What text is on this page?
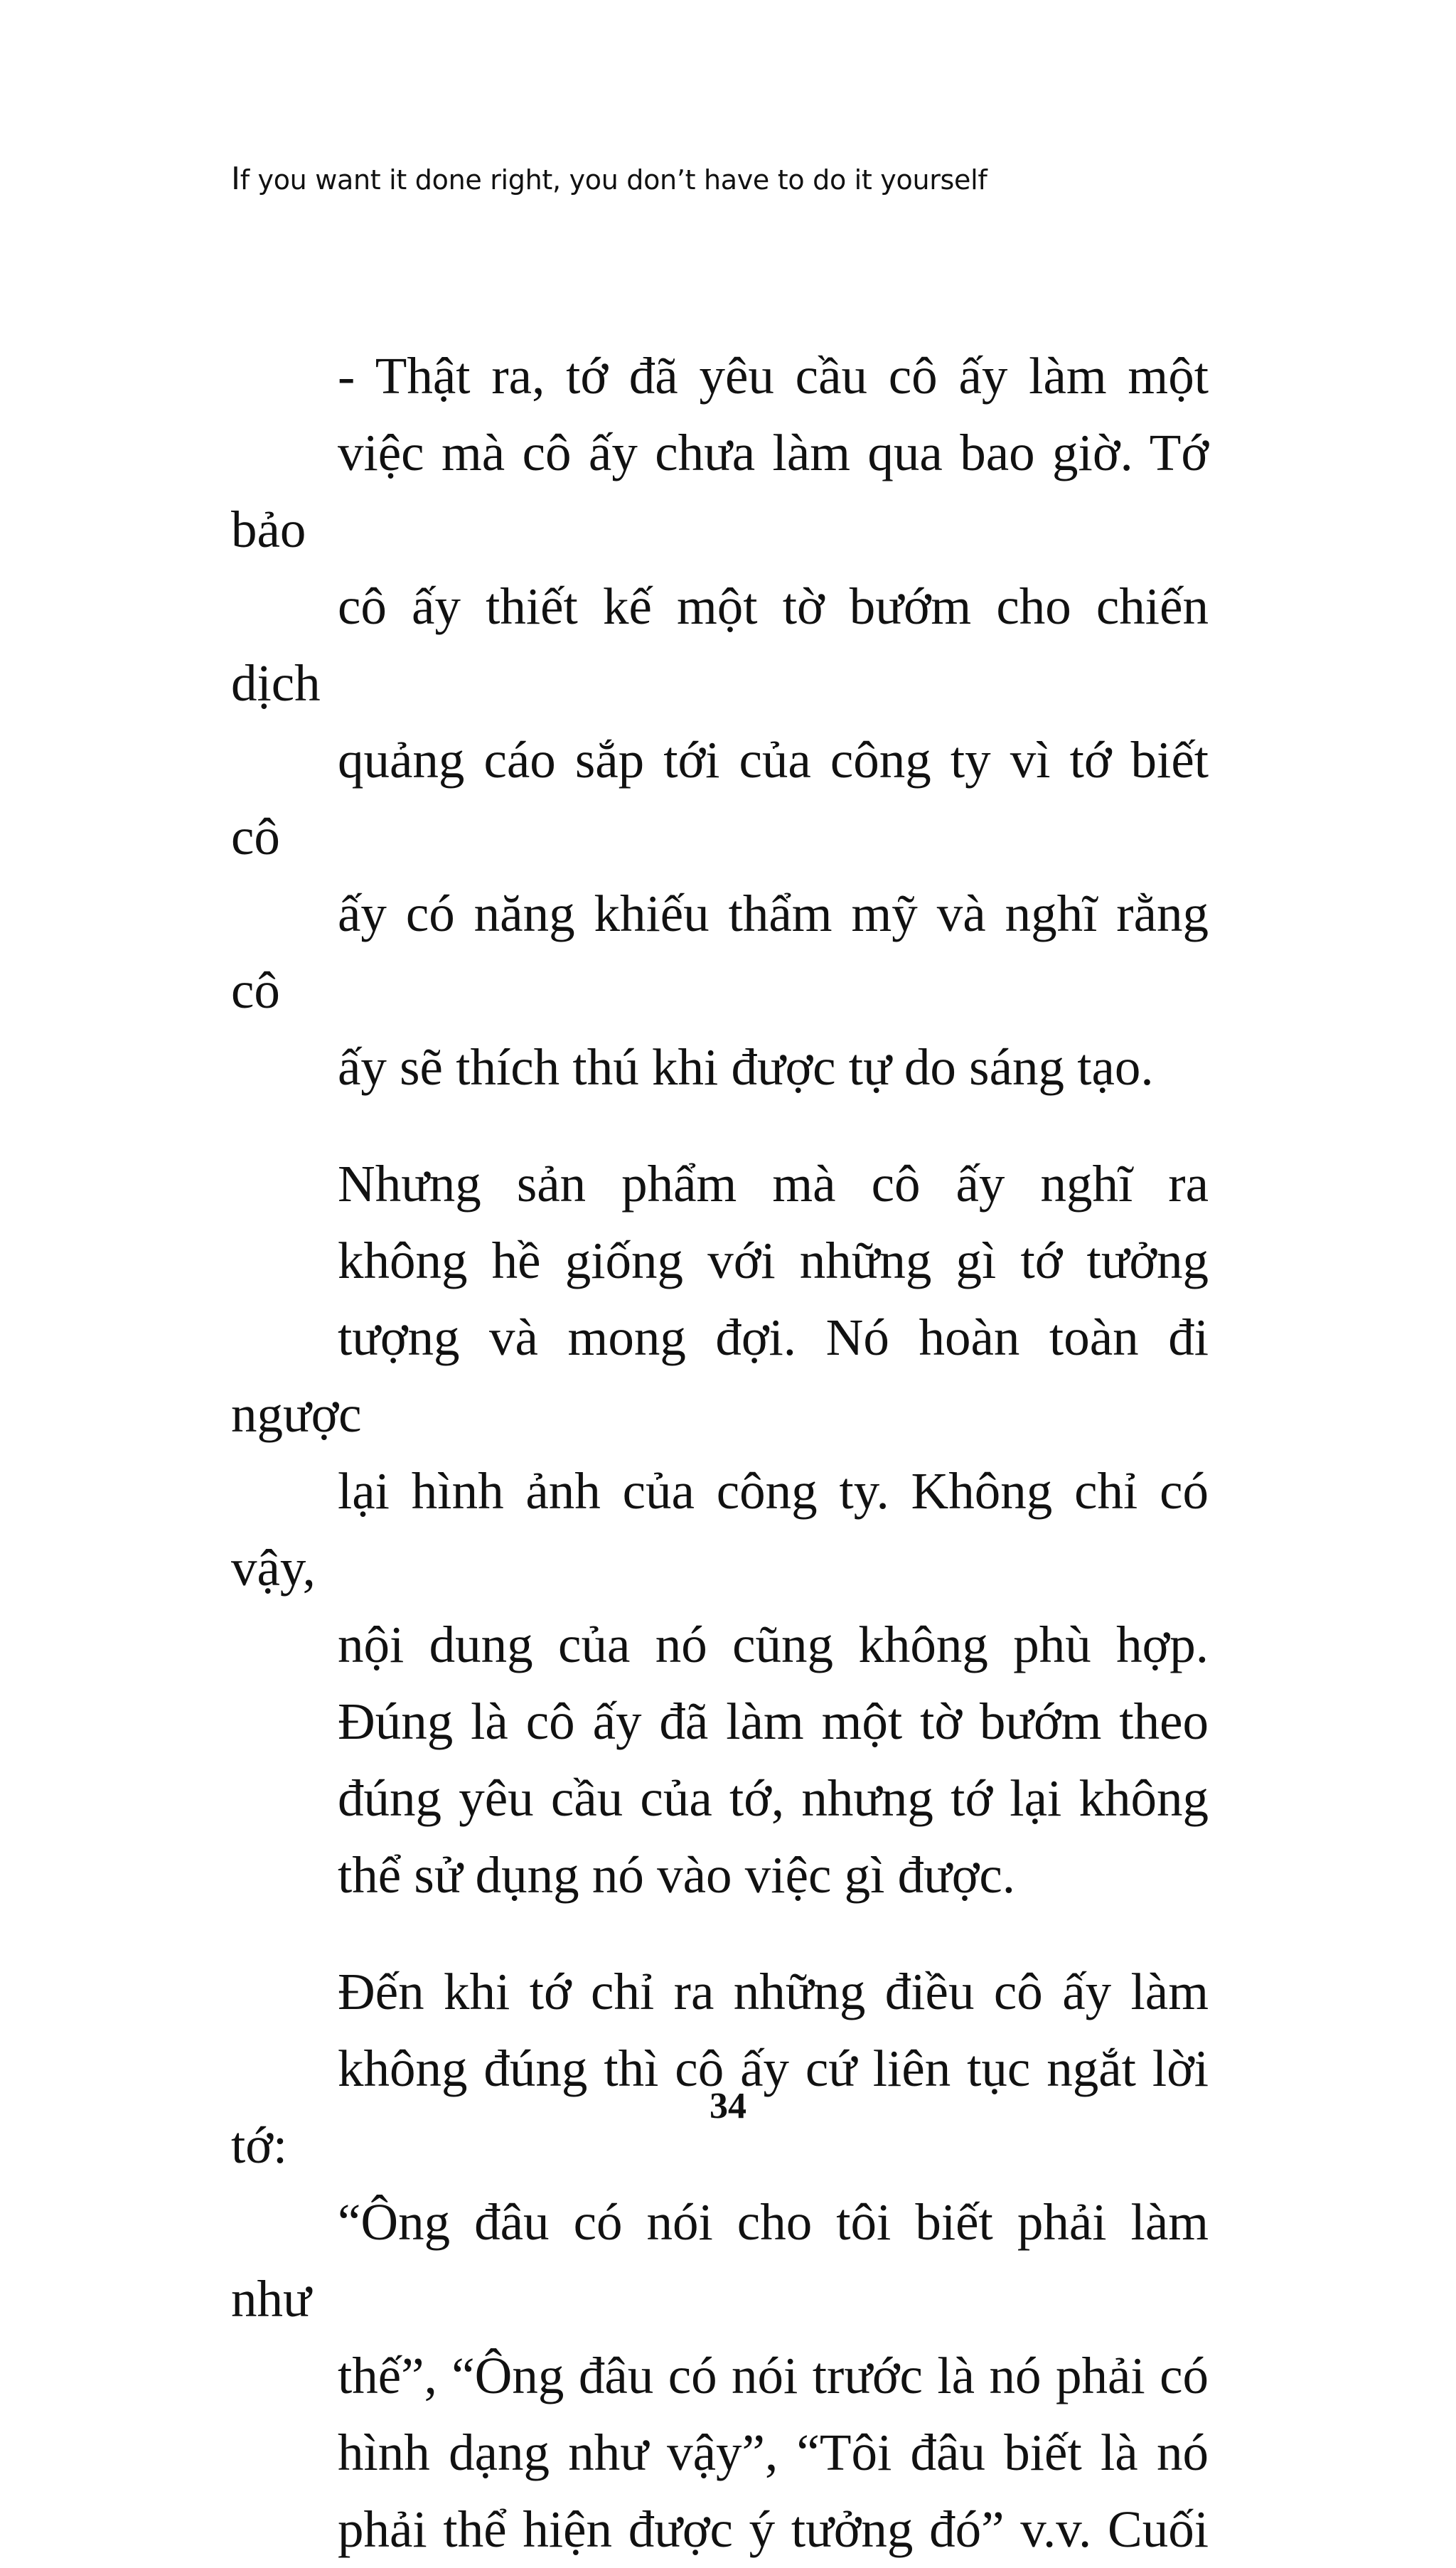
If you want it done right, you don’t have to do it yourself

- Thật ra, tớ đã yêu cầu cô ấy làm một
việc mà cô ấy chưa làm qua bao giờ. Tớ bảo
cô ấy thiết kế một tờ bướm cho chiến dịch
quảng cáo sắp tới của công ty vì tớ biết cô
ấy có năng khiếu thẩm mỹ và nghĩ rằng cô
ấy sẽ thích thú khi được tự do sáng tạo.

Nhưng sản phẩm mà cô ấy nghĩ ra
không hề giống với những gì tớ tưởng
tượng và mong đợi. Nó hoàn toàn đi ngược
lại hình ảnh của công ty. Không chỉ có vậy,
nội dung của nó cũng không phù hợp.
Đúng là cô ấy đã làm một tờ bướm theo
đúng yêu cầu của tớ, nhưng tớ lại không
thể sử dụng nó vào việc gì được.

Đến khi tớ chỉ ra những điều cô ấy làm
không đúng thì cô ấy cứ liên tục ngắt lời tớ:
“Ông đâu có nói cho tôi biết phải làm như
thế”, “Ông đâu có nói trước là nó phải có
hình dạng như vậy”, “Tôi đâu biết là nó
phải thể hiện được ý tưởng đó” v.v. Cuối

34
